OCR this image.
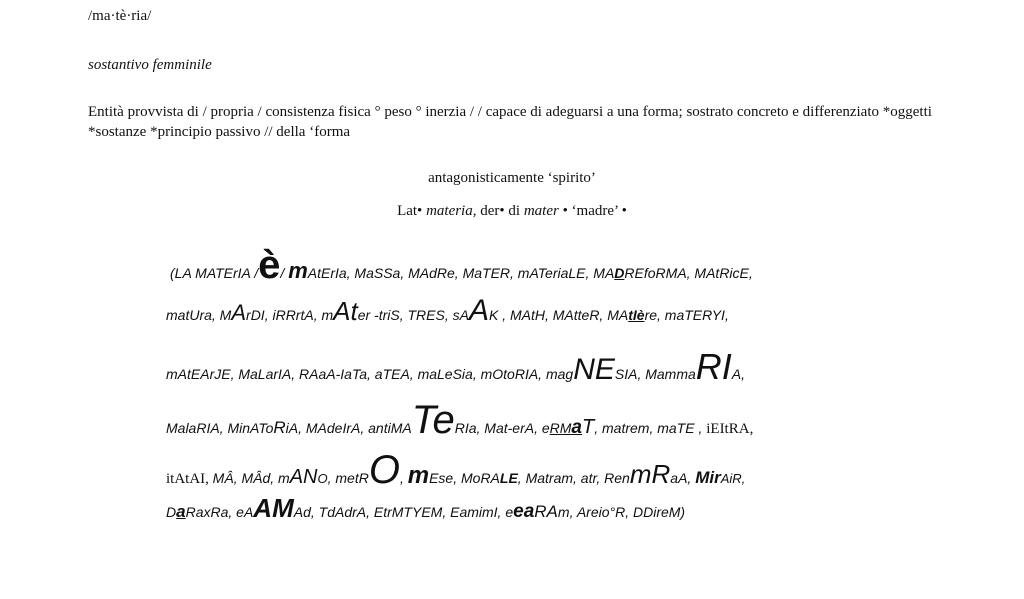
/ma·tè·ria/
sostantivo femminile
Entità provvista di / propria / consistenza fisica ° peso ° inerzia / / capace di adeguarsi a una forma; sostrato concreto e differenziato *oggetti *sostanze *principio passivo // della ‘forma
antagonisticamente ‘spirito’
Lat• materia, der• di mater • ‘madre’ •
(LA MATErIA /è/ mAtErIa, MaSSa, MAdRe, MaTER, mATeriaLE, MADREfoRMA, MAtRicE,
matUra, MArDI, iRRrtA, mAter -triS, TRES, sAAK , MAtH, MAtteR, MAtIère, maTERYI,
mAtEArJE, MaLarIA, RAaA-IaTa, aTEA, maLeSia, mOtoRIA, magNESIA, MammaRIA,
MalaRIA, MinAToRiA, MAdeIrA, antiMATeRIa, Mat-erA, eRMaT, matrem, maTE , iEItRA,
itAtAI, MÂ, MÂd, mANO, metRO, mEse, MoRALE, Matram, atr, RenmRaA, MirAiR,
DaRaxRa, eAAMAd, TdAdrA, EtrMTYEM, EamimI, eeaRAm, Areio°R, DDireM)
